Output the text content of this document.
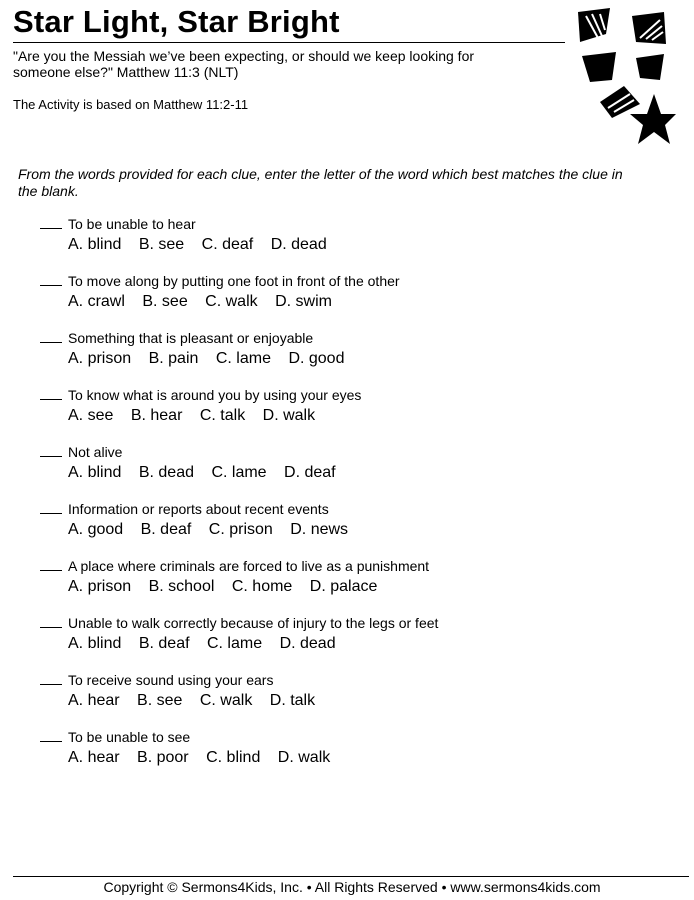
Star Light, Star Bright
"Are you the Messiah we’ve been expecting, or should we keep looking for someone else?" Matthew 11:3 (NLT)
The Activity is based on Matthew 11:2-11
From the words provided for each clue, enter the letter of the word which best matches the clue in the blank.
To be unable to hear
A. blind B. see C. deaf D. dead
To move along by putting one foot in front of the other
A. crawl B. see C. walk D. swim
Something that is pleasant or enjoyable
A. prison B. pain C. lame D. good
To know what is around you by using your eyes
A. see B. hear C. talk D. walk
Not alive
A. blind B. dead C. lame D. deaf
Information or reports about recent events
A. good B. deaf C. prison D. news
A place where criminals are forced to live as a punishment
A. prison B. school C. home D. palace
Unable to walk correctly because of injury to the legs or feet
A. blind B. deaf C. lame D. dead
To receive sound using your ears
A. hear B. see C. walk D. talk
To be unable to see
A. hear B. poor C. blind D. walk
Copyright © Sermons4Kids, Inc. • All Rights Reserved • www.sermons4kids.com
